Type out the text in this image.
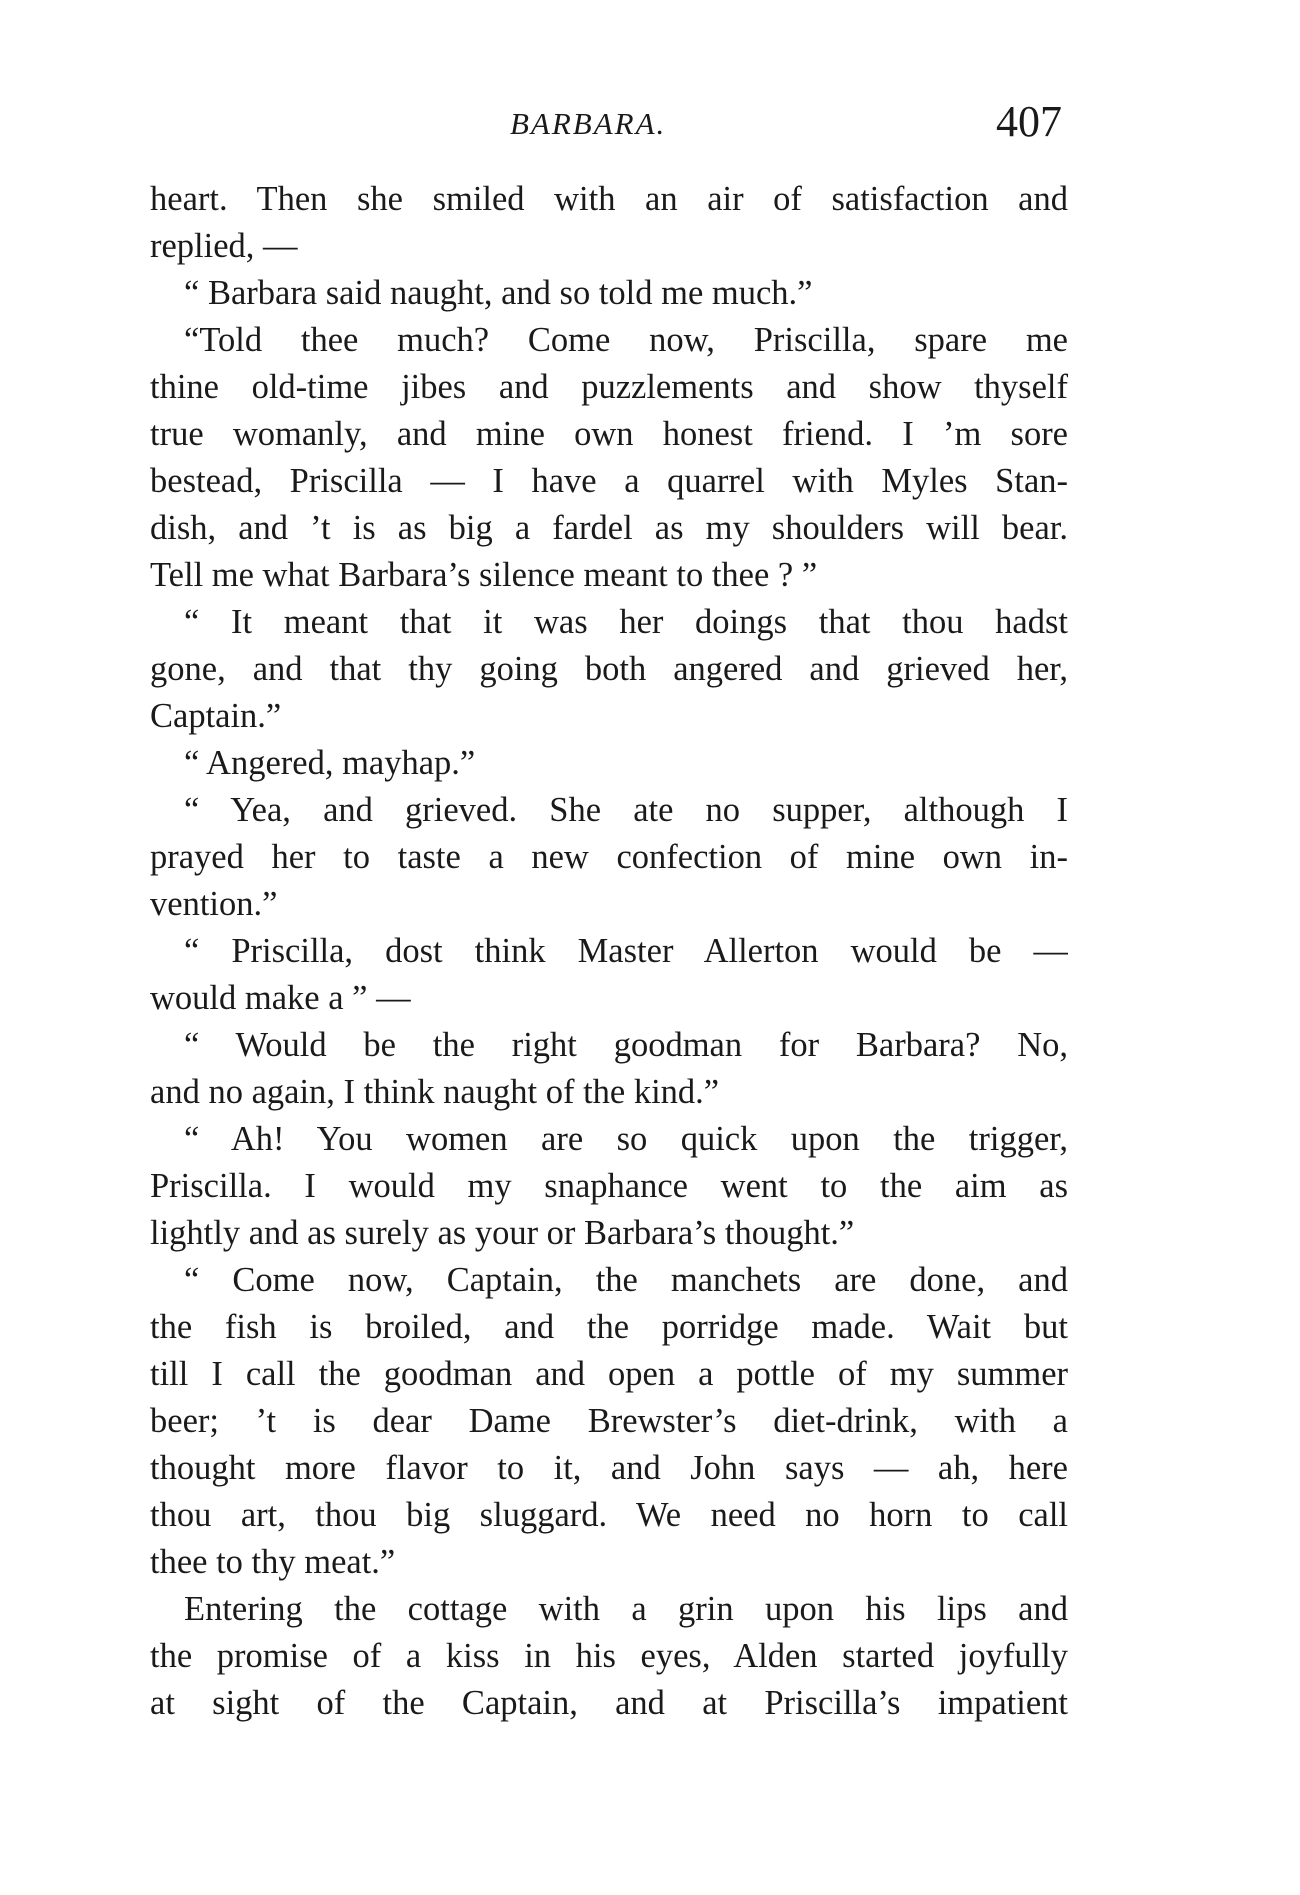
BARBARA.	407
heart. Then she smiled with an air of satisfaction and
replied, —
“ Barbara said naught, and so told me much.”
“Told thee much? Come now, Priscilla, spare me
thine old-time jibes and puzzlements and show thyself
true womanly, and mine own honest friend. I ’m sore
bestead, Priscilla — I have a quarrel with Myles Stan-
dish, and ’t is as big a fardel as my shoulders will bear.
Tell me what Barbara’s silence meant to thee ? ”
“ It meant that it was her doings that thou hadst
gone, and that thy going both angered and grieved her,
Captain.”
“ Angered, mayhap.”
“ Yea, and grieved. She ate no supper, although I
prayed her to taste a new confection of mine own in-
vention.”
“ Priscilla, dost think Master Allerton would be —
would make a ” —
“ Would be the right goodman for Barbara? No,
and no again, I think naught of the kind.”
“ Ah! You women are so quick upon the trigger,
Priscilla. I would my snaphance went to the aim as
lightly and as surely as your or Barbara’s thought.”
“ Come now, Captain, the manchets are done, and
the fish is broiled, and the porridge made. Wait but
till I call the goodman and open a pottle of my summer
beer; ’t is dear Dame Brewster’s diet-drink, with a
thought more flavor to it, and John says — ah, here
thou art, thou big sluggard. We need no horn to call
thee to thy meat.”
Entering the cottage with a grin upon his lips and
the promise of a kiss in his eyes, Alden started joyfully
at sight of the Captain, and at Priscilla’s impatient
